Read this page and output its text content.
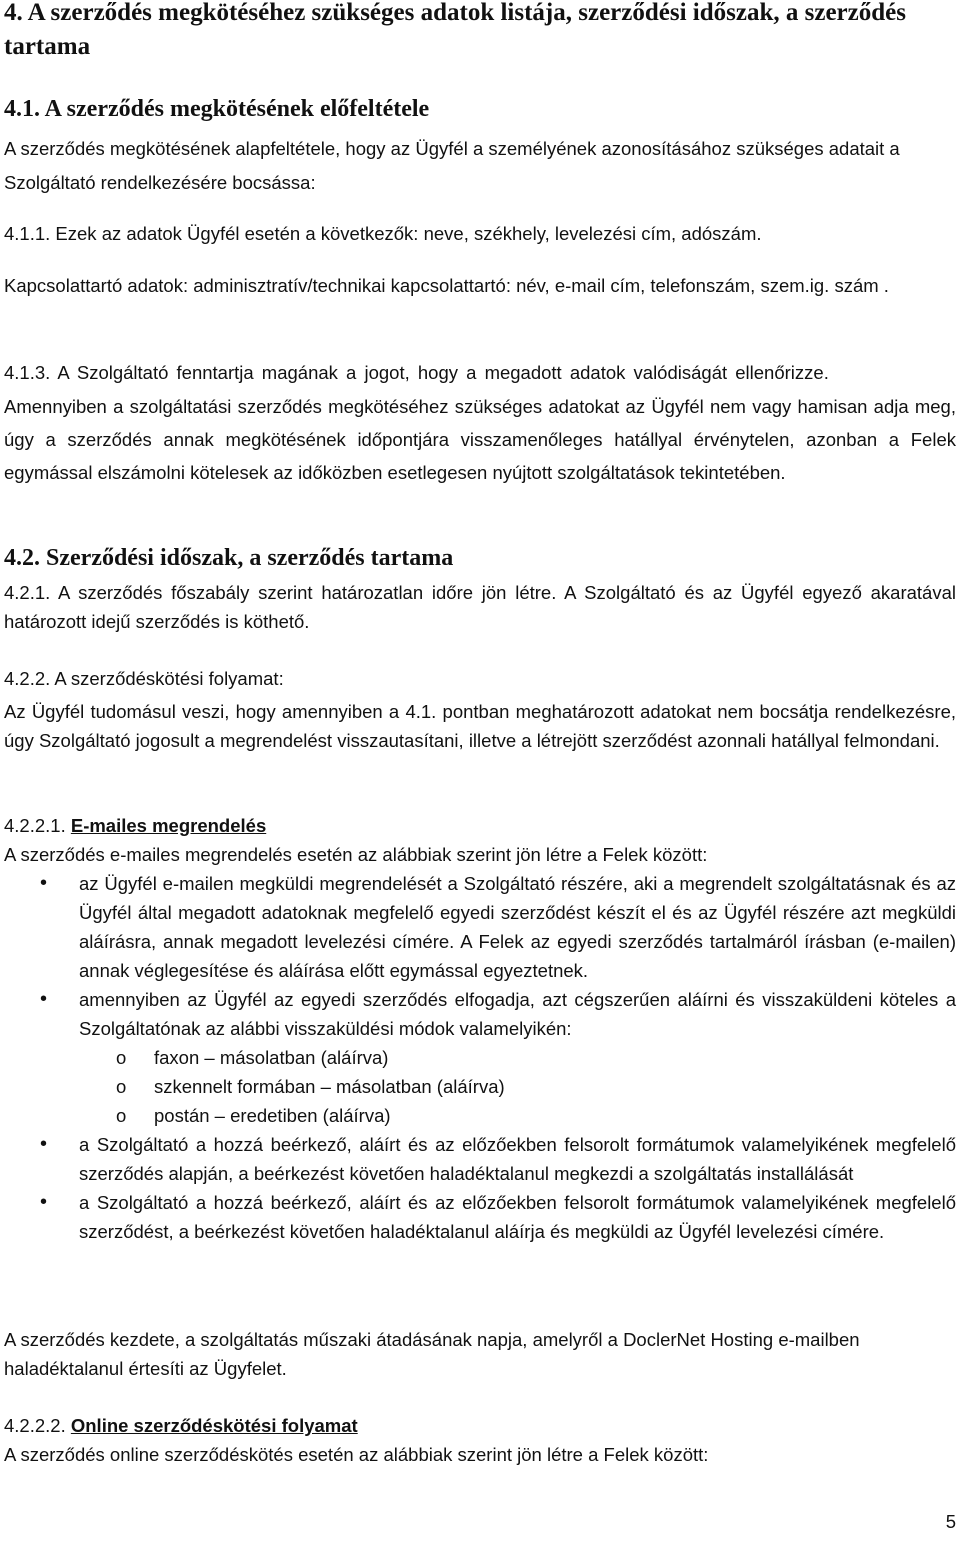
4. A szerződés megkötéséhez szükséges adatok listája, szerződési időszak, a szerződés tartama
4.1. A szerződés megkötésének előfeltétele
A szerződés megkötésének alapfeltétele, hogy az Ügyfél a személyének azonosításához szükséges adatait a Szolgáltató rendelkezésére bocsássa:
4.1.1. Ezek az adatok Ügyfél esetén a következők: neve, székhely, levelezési cím, adószám.
Kapcsolattartó adatok: adminisztratív/technikai kapcsolattartó: név, e-mail cím, telefonszám, szem.ig. szám .
4.1.3. A Szolgáltató fenntartja magának a jogot, hogy a megadott adatok valódiságát ellenőrizze.
Amennyiben a szolgáltatási szerződés megkötéséhez szükséges adatokat az Ügyfél nem vagy hamisan adja meg, úgy a szerződés annak megkötésének időpontjára visszamenőleges hatállyal érvénytelen, azonban a Felek egymással elszámolni kötelesek az időközben esetlegesen nyújtott szolgáltatások tekintetében.
4.2. Szerződési időszak, a szerződés tartama
4.2.1. A szerződés főszabály szerint határozatlan időre jön létre. A Szolgáltató és az Ügyfél egyező akaratával határozott idejű szerződés is köthető.
4.2.2. A szerződéskötési folyamat:
Az Ügyfél tudomásul veszi, hogy amennyiben a 4.1. pontban meghatározott adatokat nem bocsátja rendelkezésre, úgy Szolgáltató jogosult a megrendelést visszautasítani, illetve a létrejött szerződést azonnali hatállyal felmondani.
4.2.2.1. E-mailes megrendelés
A szerződés e-mailes megrendelés esetén az alábbiak szerint jön létre a Felek között:
• az Ügyfél e-mailen megküldi megrendelését a Szolgáltató részére, aki a megrendelt szolgáltatásnak és az Ügyfél által megadott adatoknak megfelelő egyedi szerződést készít el és az Ügyfél részére azt megküldi aláírásra, annak megadott levelezési címére. A Felek az egyedi szerződés tartalmáról írásban (e-mailen) annak véglegesítése és aláírása előtt egymással egyeztetnek.
• amennyiben az Ügyfél az egyedi szerződés elfogadja, azt cégszerűen aláírni és visszaküldeni köteles a Szolgáltatónak az alábbi visszaküldési módok valamelyikén:
o faxon – másolatban (aláírva)
o szkennelt formában – másolatban (aláírva)
o postán – eredetiben (aláírva)
• a Szolgáltató a hozzá beérkező, aláírt és az előzőekben felsorolt formátumok valamelyikének megfelelő szerződés alapján, a beérkezést követően haladéktalanul megkezdi a szolgáltatás installálását
• a Szolgáltató a hozzá beérkező, aláírt és az előzőekben felsorolt formátumok valamelyikének megfelelő szerződést, a beérkezést követően haladéktalanul aláírja és megküldi az Ügyfél levelezési címére.
A szerződés kezdete, a szolgáltatás műszaki átadásának napja, amelyről a DoclerNet Hosting e-mailben haladéktalanul értesíti az Ügyfelet.
4.2.2.2. Online szerződéskötési folyamat
A szerződés online szerződéskötés esetén az alábbiak szerint jön létre a Felek között:
5
